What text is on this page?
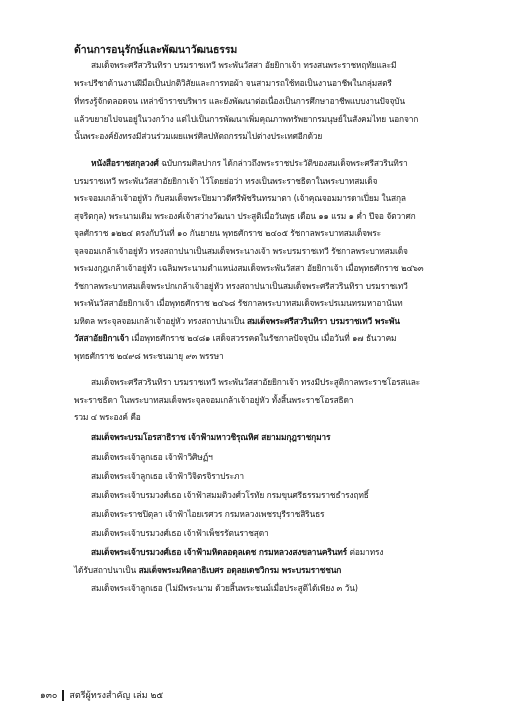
ด้านการอนุรักษ์และพัฒนาวัฒนธรรม
สมเด็จพระศรีสวรินทิรา บรมราชเทวี พระพันวัสสา อัยยิกาเจ้า ทรงสนพระราชหฤทัยและมี
พระปรีชาด้านงานฝีมือเป็นปกติวิสัยและการทอผ้า จนสามารถใช้ทอเป็นงานอาชีพในกลุ่มสตรี
ที่ทรงรู้จักตลอดจน เหล่าข้าราชบริพาร และยังพัฒนาต่อเนื่องเป็นการศึกษาอาชีพแบบงานปัจจุบัน
แล้วขยายไปจนอยู่ในวงกว้าง แต่ไปเป็นการพัฒนาเพิ่มคุณภาพทรัพยากรมนุษย์ในสังคมไทย นอกจาก
นั้นพระองค์ยังทรงมีส่วนร่วมเผยแพร่ศิลปหัตถกรรมไปต่างประเทศอีกด้วย
หนังสือราชสกุลวงศ์ ฉบับกรมศิลปากร ได้กล่าวถึงพระราชประวัติของสมเด็จพระศรีสวรินทิรา
บรมราชเทวี พระพันวัสสาอัยยิกาเจ้า ไว้โดยย่อว่า ทรงเป็นพระราชธิดาในพระบาทสมเด็จ
พระจอมเกล้าเจ้าอยู่หัว กับสมเด็จพระปิยมาวดีศรีพัชรินทรมาตา (เจ้าคุณจอมมารดาเปี่ยม ในสกุล
สุจริตกุล) พระนามเดิม พระองค์เจ้าสว่างวัฒนา ประสูติเมื่อวันพุธ เดือน ๑๑ แรม ๑ ค่ำ ปีจอ จัตวาศก
จุลศักราช ๑๒๒๔ ตรงกับวันที่ ๑๐ กันยายน พุทธศักราช ๒๔๐๕ รัชกาลพระบาทสมเด็จพระ
จุลจอมเกล้าเจ้าอยู่หัว ทรงสถาปนาเป็นสมเด็จพระนางเจ้า พระบรมราชเทวี รัชกาลพระบาทสมเด็จ
พระมงกุฎเกล้าเจ้าอยู่หัว เฉลิมพระนามตำแหน่งสมเด็จพระพันวัสสา อัยยิกาเจ้า เมื่อพุทธศักราช ๒๔๖๓
รัชกาลพระบาทสมเด็จพระปกเกล้าเจ้าอยู่หัว ทรงสถาปนาเป็นสมเด็จพระศรีสวรินทิรา บรมราชเทวี
พระพันวัสสาอัยยิกาเจ้า เมื่อพุทธศักราช ๒๔๖๘ รัชกาลพระบาทสมเด็จพระปรเมนทรมหาอานันท
มหิดล พระจุลจอมเกล้าเจ้าอยู่หัว ทรงสถาปนาเป็น สมเด็จพระศรีสวรินทิรา บรมราชเทวี พระพัน
วัสสาอัยยิกาเจ้า เมื่อพุทธศักราช ๒๔๘๑ เสด็จสวรรคตในรัชกาลปัจจุบัน เมื่อวันที่ ๑๗ ธันวาคม
พุทธศักราช ๒๔๙๘ พระชนมายุ ๙๓ พรรษา
สมเด็จพระศรีสวรินทิรา บรมราชเทวี พระพันวัสสาอัยยิกาเจ้า ทรงมีประสูติกาลพระราชโอรสและ
พระราชธิดา ในพระบาทสมเด็จพระจุลจอมเกล้าเจ้าอยู่หัว ทั้งสิ้นพระราชโอรสธิดา
รวม ๔ พระองค์ คือ
สมเด็จพระบรมโอรสาธิราช เจ้าฟ้ามหาวชิรุณหิศ สยามมกุฎราชกุมาร
สมเด็จพระเจ้าลูกเธอ เจ้าฟ้าวิศิษฏ์ฯ
สมเด็จพระเจ้าลูกเธอ เจ้าฟ้าวิจิตรจิราประภา
สมเด็จพระเจ้าบรมวงศ์เธอ เจ้าฟ้าสมมติวงศ์วโรทัย กรมขุนศรีธรรมราชธำรงฤทธิ์
สมเด็จพระราชปิตุลา เจ้าฟ้าไอยเรศวร กรมหลวงเพชรบุรีราชสิรินธร
สมเด็จพระเจ้าบรมวงศ์เธอ เจ้าฟ้าเพ็ชรรัตนราชสุดา
สมเด็จพระเจ้าบรมวงศ์เธอ เจ้าฟ้ามหิดลอดุลเดช กรมหลวงสงขลานครินทร์ ต่อมาทรง
ได้รับสถาปนาเป็น สมเด็จพระมหิตลาธิเบศร อดุลยเดชวิกรม พระบรมราชชนก
สมเด็จพระเจ้าลูกเธอ (ไม่มีพระนาม ด้วยสิ้นพระชนม์เมื่อประสูติได้เพียง ๓ วัน)
๑๓๐ สตรีผู้ทรงสำคัญ เล่ม ๒๕
